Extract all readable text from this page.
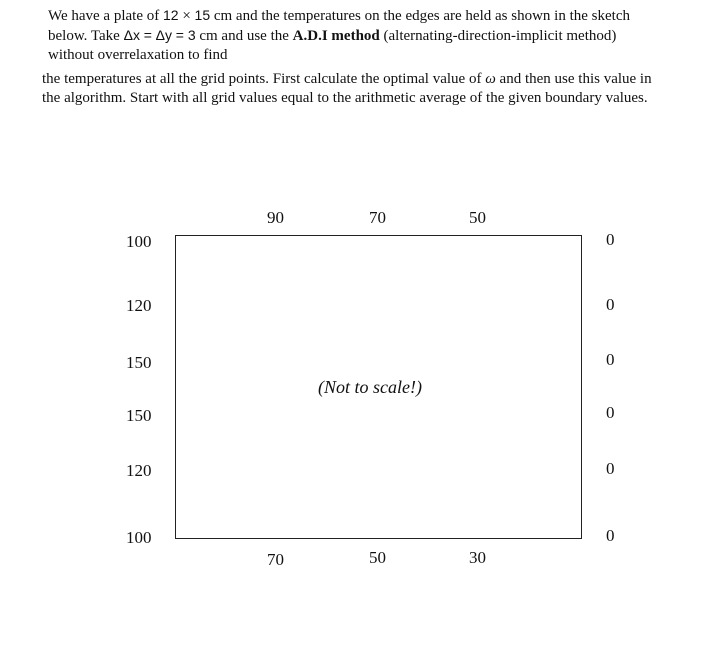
We have a plate of 12 × 15 cm and the temperatures on the edges are held as shown in the sketch
below. Take Δx = Δy = 3 cm and use the A.D.I method (alternating-direction-implicit method)
without overrelaxation to find
the temperatures at all the grid points. First calculate the optimal value of ω and then use this value in
the algorithm. Start with all grid values equal to the arithmetic average of the given boundary values.
90	70	50
70	50	30
100
120
150
150
120
100
0
0
0
0
0
0
(Not to scale!)
